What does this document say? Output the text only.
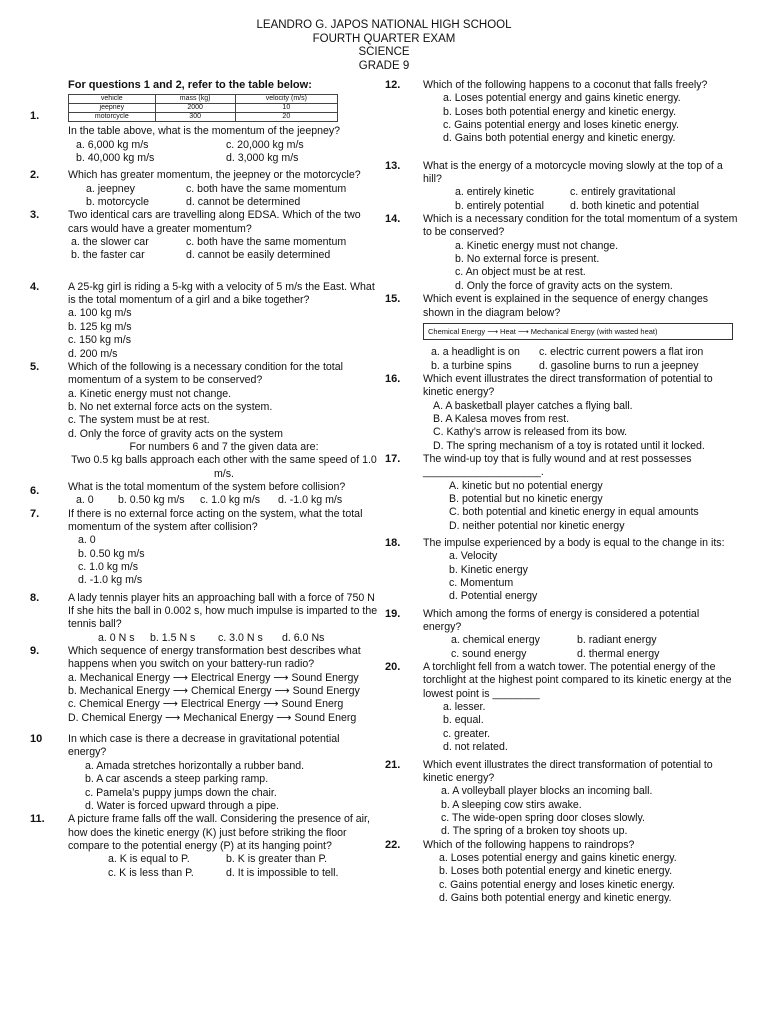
LEANDRO G. JAPOS NATIONAL HIGH SCHOOL
FOURTH QUARTER EXAM
SCIENCE
GRADE 9
For questions 1 and 2, refer to the table below:
1.
vehicle	mass (kg)	velocity (m/s)
jeepney	2000	10
motorcycle	300	20
In the table above, what is the momentum of the jeepney?
a. 6,000 kg m/s	c. 20,000 kg m/s
b. 40,000 kg m/s	d. 3,000 kg m/s
2.	Which has greater momentum, the jeepney or the motorcycle?
a. jeepney	c. both have the same momentum
b. motorcycle	d. cannot be determined
3.	Two identical cars are travelling along EDSA. Which of the two cars would have a greater momentum?
a. the slower car	c. both have the same momentum
b. the faster car	d. cannot be easily determined
4.	A 25-kg girl is riding a 5-kg with a velocity of 5 m/s the East. What is the total momentum of a girl and a bike together?
a. 100 kg m/s
b. 125 kg m/s
c. 150 kg m/s
d. 200 m/s
5.	Which of the following is a necessary condition for the total momentum of a system to be conserved?
a. Kinetic energy must not change.
b. No net external force acts on the system.
c. The system must be at rest.
d. Only the force of gravity acts on the system
For numbers 6 and 7 the given data are:
Two 0.5 kg balls approach each other with the same speed of 1.0 m/s.
6.	What is the total momentum of the system before collision?
a. 0	b. 0.50 kg m/s	c. 1.0 kg m/s	d. -1.0 kg m/s
7.	If there is no external force acting on the system, what the total momentum of the system after collision?
a. 0
b. 0.50 kg m/s
c. 1.0 kg m/s
d. -1.0 kg m/s
8.	A lady tennis player hits an approaching ball with a force of 750 N If she hits the ball in 0.002 s, how much impulse is imparted to the tennis ball?
a. 0 N s	b. 1.5 N s	c. 3.0 N s	d. 6.0 Ns
9.	Which sequence of energy transformation best describes what happens when you switch on your battery-run radio?
a. Mechanical Energy ⟶ Electrical Energy ⟶ Sound Energy
b. Mechanical Energy ⟶ Chemical Energy ⟶ Sound Energy
c. Chemical Energy ⟶ Electrical Energy ⟶ Sound Energ
D. Chemical Energy ⟶ Mechanical Energy ⟶ Sound Energ
10 In which case is there a decrease in gravitational potential energy?
a. Amada stretches horizontally a rubber band.
b. A car ascends a steep parking ramp.
c. Pamela’s puppy jumps down the chair.
d. Water is forced upward through a pipe.
11. A picture frame falls off the wall. Considering the presence of air, how does the kinetic energy (K) just before striking the floor compare to the potential energy (P) at its hanging point?
a. K is equal to P.	b. K is greater than P.
c. K is less than P.	d. It is impossible to tell.
12. Which of the following happens to a coconut that falls freely?
a. Loses potential energy and gains kinetic energy.
b. Loses both potential energy and kinetic energy.
c. Gains potential energy and loses kinetic energy.
d. Gains both potential energy and kinetic energy.
13. What is the energy of a motorcycle moving slowly at the top of a hill?
a. entirely kinetic	c. entirely gravitational
b. entirely potential	d. both kinetic and potential
14. Which is a necessary condition for the total momentum of a system to be conserved?
a. Kinetic energy must not change.
b. No external force is present.
c. An object must be at rest.
d. Only the force of gravity acts on the system.
15. Which event is explained in the sequence of energy changes shown in the diagram below?
Chemical Energy ⟶ Heat ⟶ Mechanical Energy (with wasted heat)
a. a headlight is on	c. electric current powers a flat iron
b. a turbine spins	d. gasoline burns to run a jeepney
16. Which event illustrates the direct transformation of potential to kinetic energy?
A. A basketball player catches a flying ball.
B. A Kalesa moves from rest.
C. Kathy’s arrow is released from its bow.
D. The spring mechanism of a toy is rotated until it locked.
17. The wind-up toy that is fully wound and at rest possesses ____________________.
A. kinetic but no potential energy
B. potential but no kinetic energy
C. both potential and kinetic energy in equal amounts
D. neither potential nor kinetic energy
18. The impulse experienced by a body is equal to the change in its:
a. Velocity
b. Kinetic energy
c. Momentum
d. Potential energy
19. Which among the forms of energy is considered a potential energy?
a. chemical energy	b. radiant energy
c. sound energy	d. thermal energy
20. A torchlight fell from a watch tower. The potential energy of the torchlight at the highest point compared to its kinetic energy at the lowest point is ________
a. lesser.
b. equal.
c. greater.
d. not related.
21. Which event illustrates the direct transformation of potential to kinetic energy?
a. A volleyball player blocks an incoming ball.
b. A sleeping cow stirs awake.
c. The wide-open spring door closes slowly.
d. The spring of a broken toy shoots up.
22. Which of the following happens to raindrops?
a. Loses potential energy and gains kinetic energy.
b. Loses both potential energy and kinetic energy.
c. Gains potential energy and loses kinetic energy.
d. Gains both potential energy and kinetic energy.
